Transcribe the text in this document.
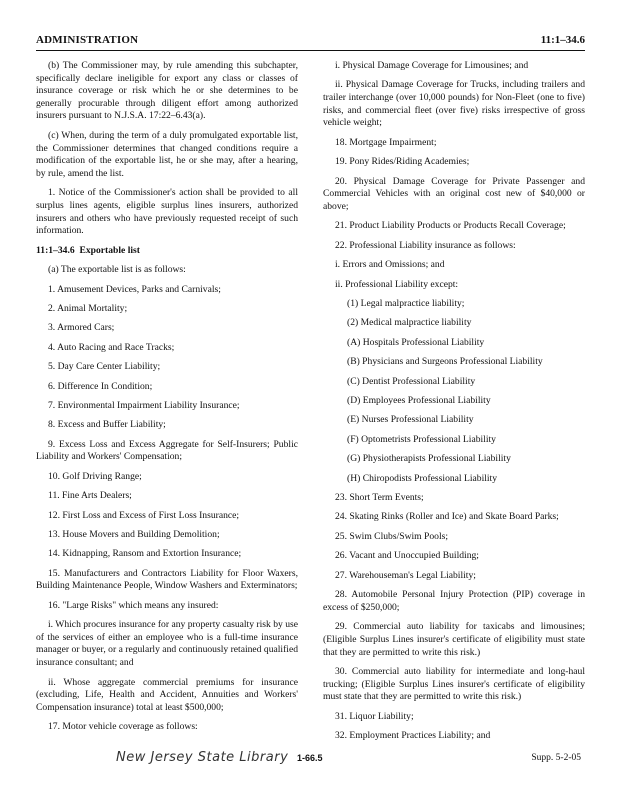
ADMINISTRATION	11:1–34.6

(b) The Commissioner may, by rule amending this subchapter, specifically declare ineligible for export any class or classes of insurance coverage or risk which he or she determines to be generally procurable through diligent effort among authorized insurers pursuant to N.J.S.A. 17:22–6.43(a).

(c) When, during the term of a duly promulgated exportable list, the Commissioner determines that changed conditions require a modification of the exportable list, he or she may, after a hearing, by rule, amend the list.

1. Notice of the Commissioner's action shall be provided to all surplus lines agents, eligible surplus lines insurers, authorized insurers and others who have previously requested receipt of such information.

11:1–34.6 Exportable list

(a) The exportable list is as follows:

1. Amusement Devices, Parks and Carnivals;

2. Animal Mortality;

3. Armored Cars;

4. Auto Racing and Race Tracks;

5. Day Care Center Liability;

6. Difference In Condition;

7. Environmental Impairment Liability Insurance;

8. Excess and Buffer Liability;

9. Excess Loss and Excess Aggregate for Self-Insurers; Public Liability and Workers' Compensation;

10. Golf Driving Range;

11. Fine Arts Dealers;

12. First Loss and Excess of First Loss Insurance;

13. House Movers and Building Demolition;

14. Kidnapping, Ransom and Extortion Insurance;

15. Manufacturers and Contractors Liability for Floor Waxers, Building Maintenance People, Window Washers and Exterminators;

16. "Large Risks" which means any insured:

i. Which procures insurance for any property casualty risk by use of the services of either an employee who is a full-time insurance manager or buyer, or a regularly and continuously retained qualified insurance consultant; and

ii. Whose aggregate commercial premiums for insurance (excluding, Life, Health and Accident, Annuities and Workers' Compensation insurance) total at least $500,000;

17. Motor vehicle coverage as follows:

i. Physical Damage Coverage for Limousines; and

ii. Physical Damage Coverage for Trucks, including trailers and trailer interchange (over 10,000 pounds) for Non-Fleet (one to five) risks, and commercial fleet (over five) risks irrespective of gross vehicle weight;

18. Mortgage Impairment;

19. Pony Rides/Riding Academies;

20. Physical Damage Coverage for Private Passenger and Commercial Vehicles with an original cost new of $40,000 or above;

21. Product Liability Products or Products Recall Coverage;

22. Professional Liability insurance as follows:

i. Errors and Omissions; and

ii. Professional Liability except:

(1) Legal malpractice liability;

(2) Medical malpractice liability

(A) Hospitals Professional Liability

(B) Physicians and Surgeons Professional Liability

(C) Dentist Professional Liability

(D) Employees Professional Liability

(E) Nurses Professional Liability

(F) Optometrists Professional Liability

(G) Physiotherapists Professional Liability

(H) Chiropodists Professional Liability

23. Short Term Events;

24. Skating Rinks (Roller and Ice) and Skate Board Parks;

25. Swim Clubs/Swim Pools;

26. Vacant and Unoccupied Building;

27. Warehouseman's Legal Liability;

28. Automobile Personal Injury Protection (PIP) coverage in excess of $250,000;

29. Commercial auto liability for taxicabs and limousines; (Eligible Surplus Lines insurer's certificate of eligibility must state that they are permitted to write this risk.)

30. Commercial auto liability for intermediate and long-haul trucking; (Eligible Surplus Lines insurer's certificate of eligibility must state that they are permitted to write this risk.)

31. Liquor Liability;

32. Employment Practices Liability; and

New Jersey State Library 1-66.5	Supp. 5-2-05
